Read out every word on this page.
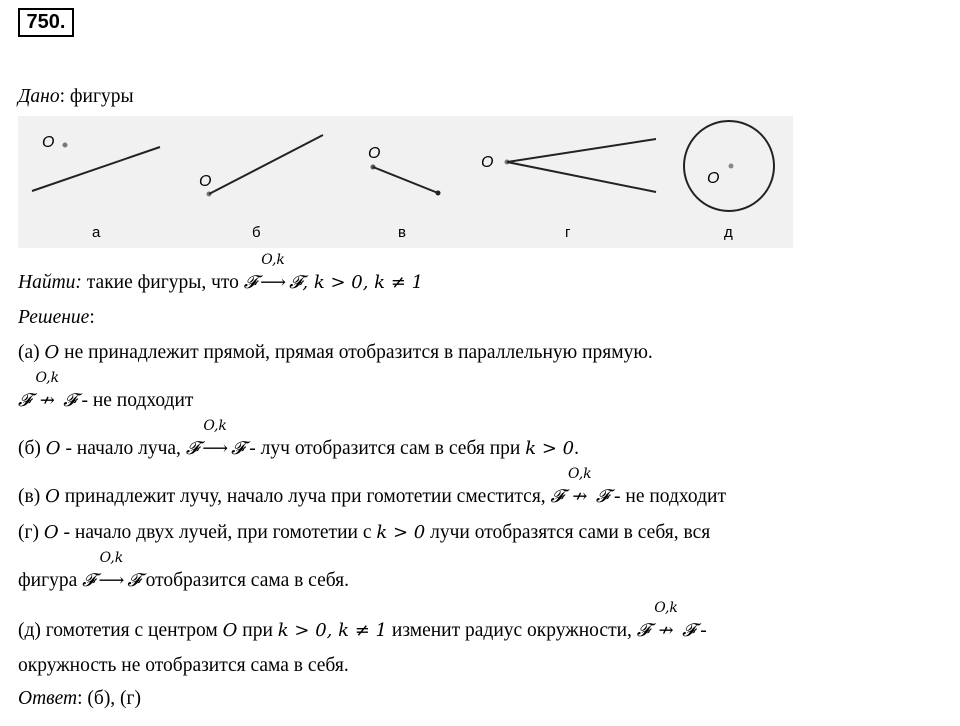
750.
Дано: фигуры
O
а
O
б
O
в
O
г
O
д
Найти: такие фигуры, что 𝓕
O,k
⟶ 𝓕, k > 0, k ≠ 1
Решение:
(а) O не принадлежит прямой, прямая отобразится в параллельную прямую.
𝓕
O,k
↛ 𝓕 - не подходит
(б) O - начало луча, 𝓕
O,k
⟶ 𝓕 - луч отобразится сам в себя при k > 0.
(в) O принадлежит лучу, начало луча при гомотетии сместится, 𝓕
O,k
↛ 𝓕 - не подходит
(г) O - начало двух лучей, при гомотетии с k > 0 лучи отобразятся сами в себя, вся
фигура 𝓕
O,k
⟶ 𝓕 отобразится сама в себя.
(д) гомотетия с центром O при k > 0, k ≠ 1 изменит радиус окружности, 𝓕
O,k
↛ 𝓕 -
окружность не отобразится сама в себя.
Ответ: (б), (г)
